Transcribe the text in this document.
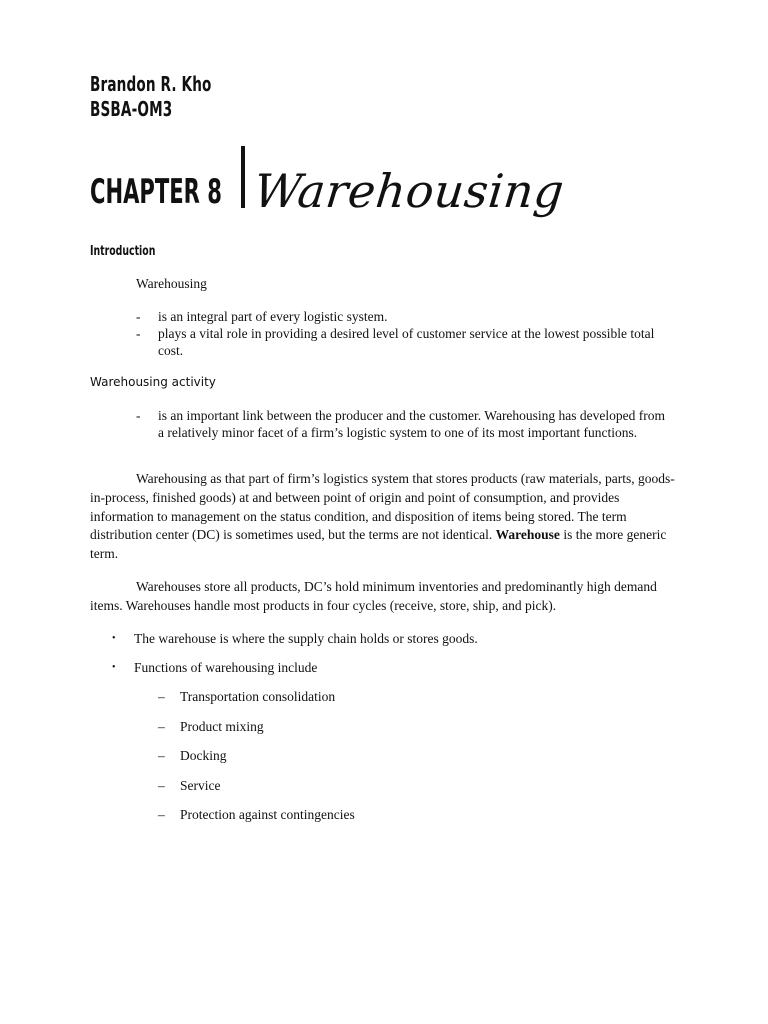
Brandon R. Kho
BSBA-OM3
CHAPTER 8 Warehousing
Introduction
Warehousing
-	is an integral part of every logistic system.
-	plays a vital role in providing a desired level of customer service at the lowest possible total cost.
Warehousing activity
-	is an important link between the producer and the customer. Warehousing has developed from a relatively minor facet of a firm’s logistic system to one of its most important functions.

Warehousing as that part of firm’s logistics system that stores products (raw materials, parts, goods-in-process, finished goods) at and between point of origin and point of consumption, and provides information to management on the status condition, and disposition of items being stored. The term distribution center (DC) is sometimes used, but the terms are not identical. Warehouse is the more generic term.

Warehouses store all products, DC’s hold minimum inventories and predominantly high demand items. Warehouses handle most products in four cycles (receive, store, ship, and pick).

•	The warehouse is where the supply chain holds or stores goods.
•	Functions of warehousing include
–	Transportation consolidation
–	Product mixing
–	Docking
–	Service
–	Protection against contingencies
